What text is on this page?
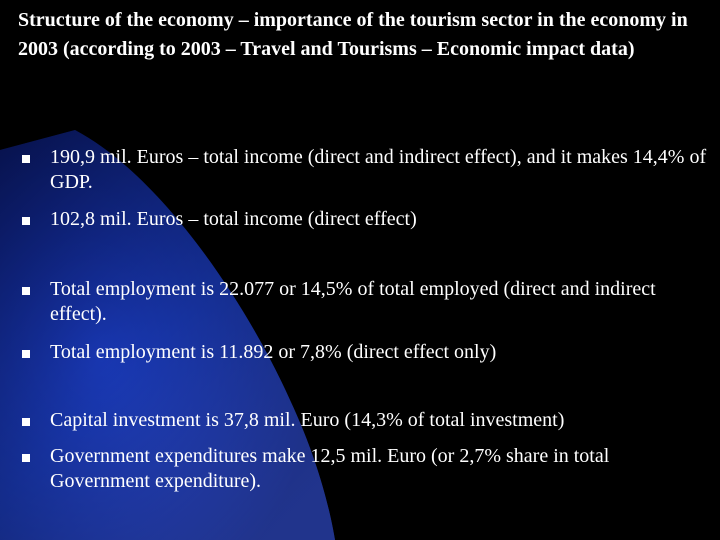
Structure of the economy – importance of the tourism sector in the economy in 2003 (according to 2003 – Travel and Tourisms – Economic impact data)

190,9 mil. Euros – total income (direct and indirect effect), and it makes 14,4% of GDP.

102,8 mil. Euros – total income (direct effect)

Total employment is 22.077 or 14,5% of total employed (direct and indirect effect).

Total employment is 11.892 or 7,8% (direct effect only)

Capital investment is 37,8 mil. Euro (14,3% of total investment)

Government expenditures make 12,5 mil. Euro (or 2,7% share in total Government expenditure).
